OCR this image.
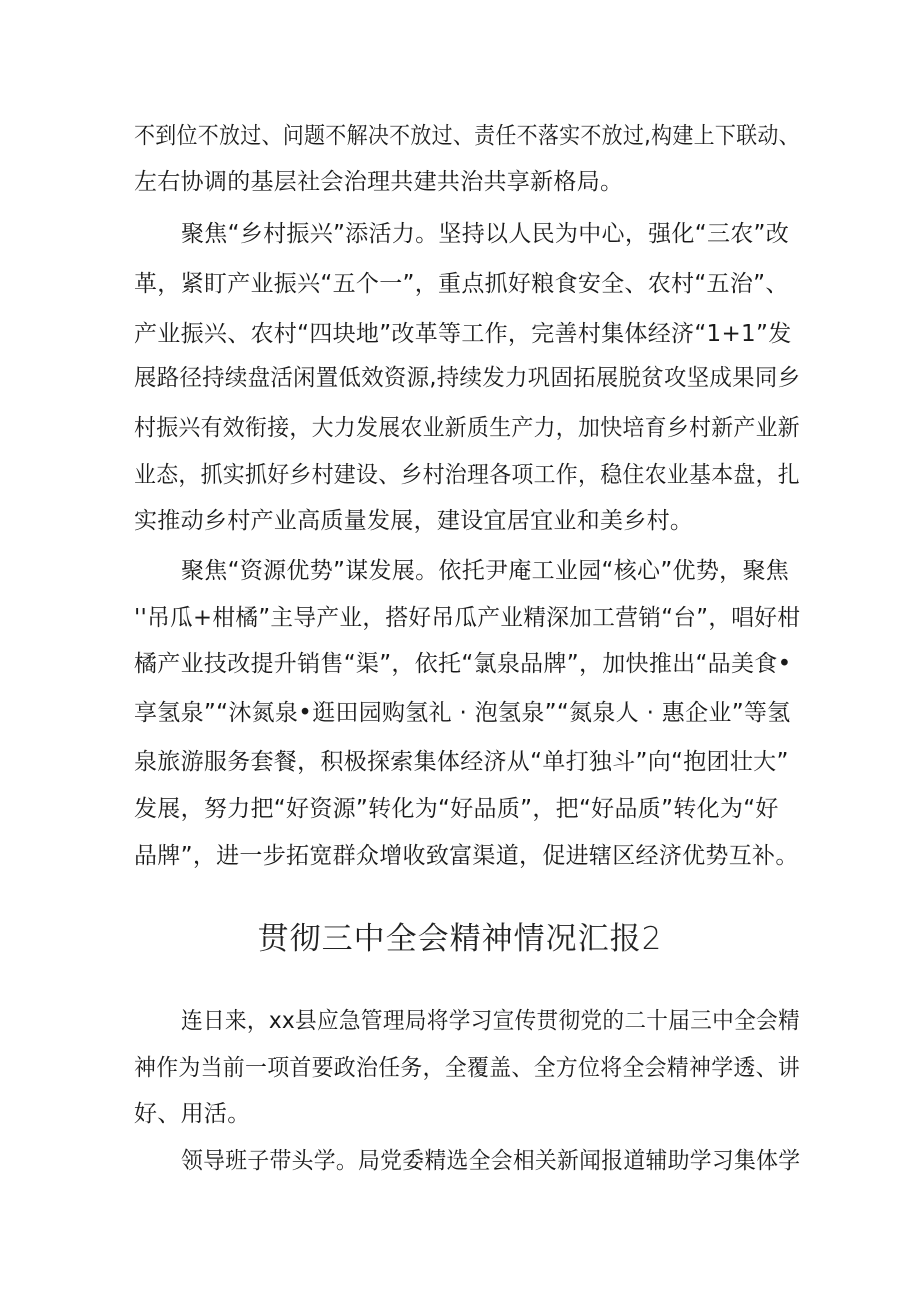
不到位不放过、问题不解决不放过、责任不落实不放过,构建上下联动、
左右协调的基层社会治理共建共治共享新格局。
聚焦“乡村振兴”添活力。坚持以人民为中心，强化“三农”改
革，紧盯产业振兴“五个一”，重点抓好粮食安全、农村“五治”、
产业振兴、农村“四块地”改革等工作，完善村集体经济“1+1”发
展路径持续盘活闲置低效资源,持续发力巩固拓展脱贫攻坚成果同乡
村振兴有效衔接，大力发展农业新质生产力，加快培育乡村新产业新
业态，抓实抓好乡村建设、乡村治理各项工作，稳住农业基本盘，扎
实推动乡村产业高质量发展，建设宜居宜业和美乡村。
聚焦“资源优势”谋发展。依托尹庵工业园“核心”优势，聚焦
''吊瓜+柑橘”主导产业，搭好吊瓜产业精深加工营销“台”，唱好柑
橘产业技改提升销售“渠”，依托“氯泉品牌”，加快推出“品美食•
享氢泉”“沐氮泉•逛田园购氢礼 · 泡氢泉”“氮泉人 · 惠企业”等氢
泉旅游服务套餐，积极探索集体经济从“单打独斗”向“抱团壮大”
发展，努力把“好资源”转化为“好品质”，把“好品质”转化为“好
品牌”，进一步拓宽群众增收致富渠道，促进辖区经济优势互补。
贯彻三中全会精神情况汇报2
连日来，xx县应急管理局将学习宣传贯彻党的二十届三中全会精
神作为当前一项首要政治任务，全覆盖、全方位将全会精神学透、讲
好、用活。
领导班子带头学。局党委精选全会相关新闻报道辅助学习集体学
